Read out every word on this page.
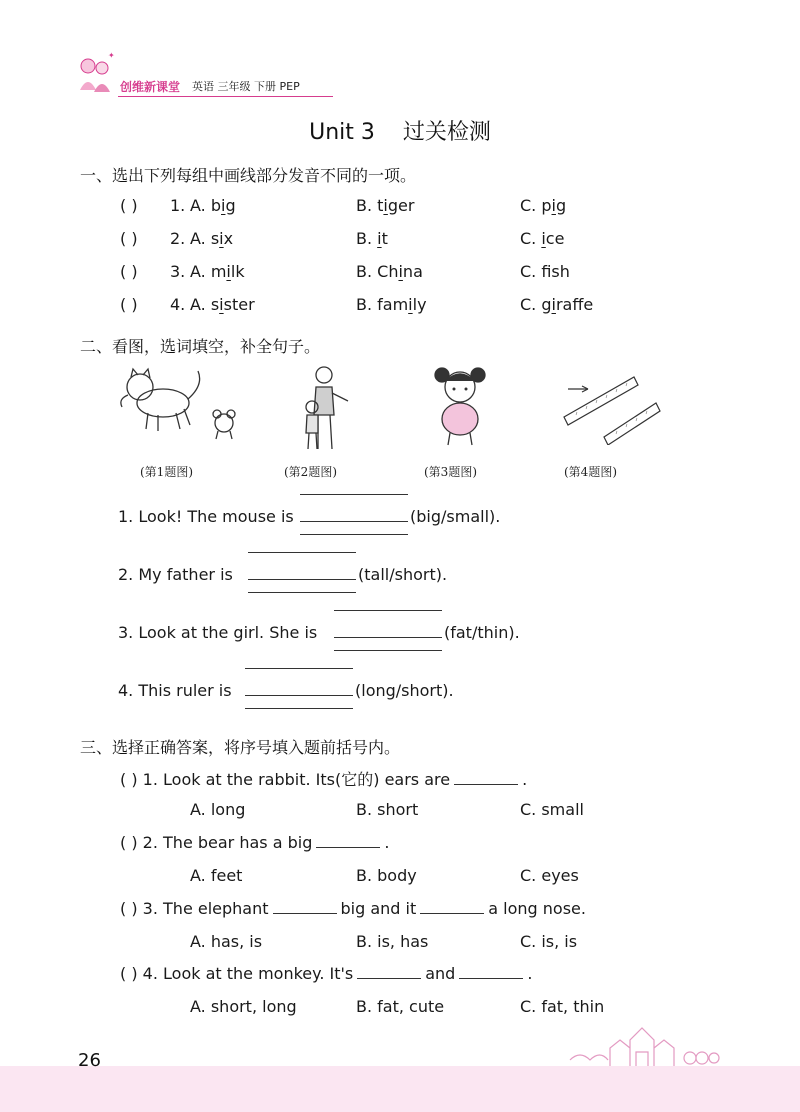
✦
创维新课堂 英语 三年级 下册 PEP
Unit 3    过关检测
一、选出下列每组中画线部分发音不同的一项。
( ) 1. A. big	B. tiger	C. pig
( ) 2. A. six	B. it	C. ice
( ) 3. A. milk	B. China	C. fsh
( ) 4. A. sister	B. family	C. giraffe
二、看图，选词填空，补全句子。
(第1题图)	(第2题图)	(第3题图)	(第4题图)
1. Look! The mouse is	(big/small).
2. My father is	(tall/short).
3. Look at the girl. She is	(fat/thin).
4. This ruler is	(long/short).
三、选择正确答案，将序号填入题前括号内。
( ) 1. Look at the rabbit. Its(它的) ears are	.
A. long	B. short	C. small
( ) 2. The bear has a big	.
A. feet	B. body	C. eyes
( ) 3. The elephant	big and it	a long nose.
A. has, is	B. is, has	C. is, is
( ) 4. Look at the monkey. It's	and	.
A. short, long	B. fat, cute	C. fat, thin
26
